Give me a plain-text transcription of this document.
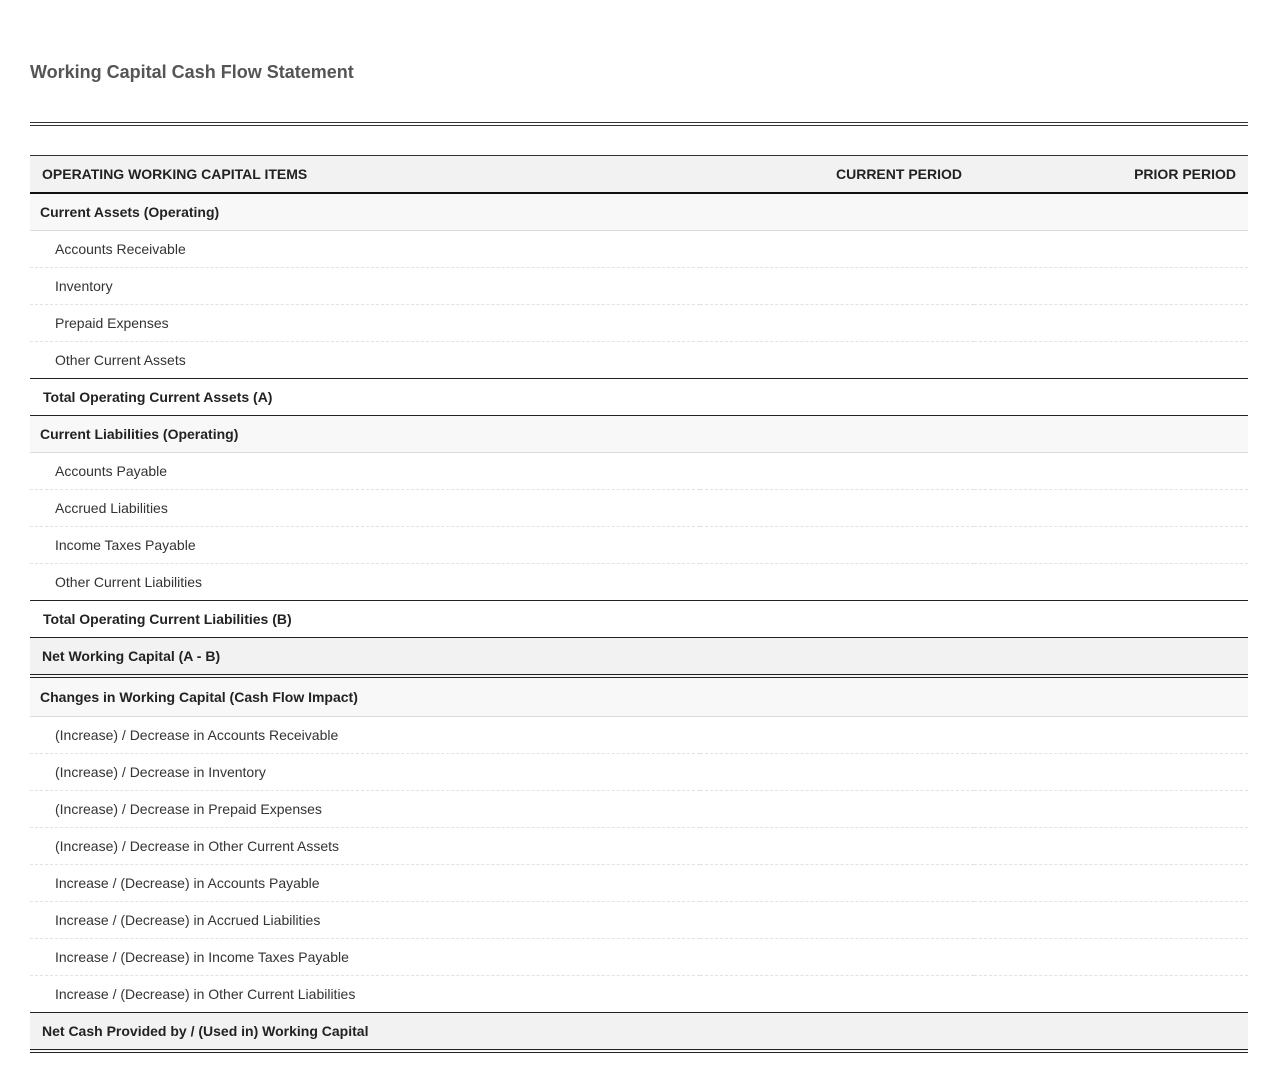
Working Capital Cash Flow Statement
OPERATING WORKING CAPITAL ITEMS	CURRENT PERIOD	PRIOR PERIOD
Current Assets (Operating)		
Accounts Receivable		
Inventory		
Prepaid Expenses		
Other Current Assets		
Total Operating Current Assets (A)		
Current Liabilities (Operating)		
Accounts Payable		
Accrued Liabilities		
Income Taxes Payable		
Other Current Liabilities		
Total Operating Current Liabilities (B)		
Net Working Capital (A - B)		
Changes in Working Capital (Cash Flow Impact)		
(Increase) / Decrease in Accounts Receivable		
(Increase) / Decrease in Inventory		
(Increase) / Decrease in Prepaid Expenses		
(Increase) / Decrease in Other Current Assets		
Increase / (Decrease) in Accounts Payable		
Increase / (Decrease) in Accrued Liabilities		
Increase / (Decrease) in Income Taxes Payable		
Increase / (Decrease) in Other Current Liabilities		
Net Cash Provided by / (Used in) Working Capital		
